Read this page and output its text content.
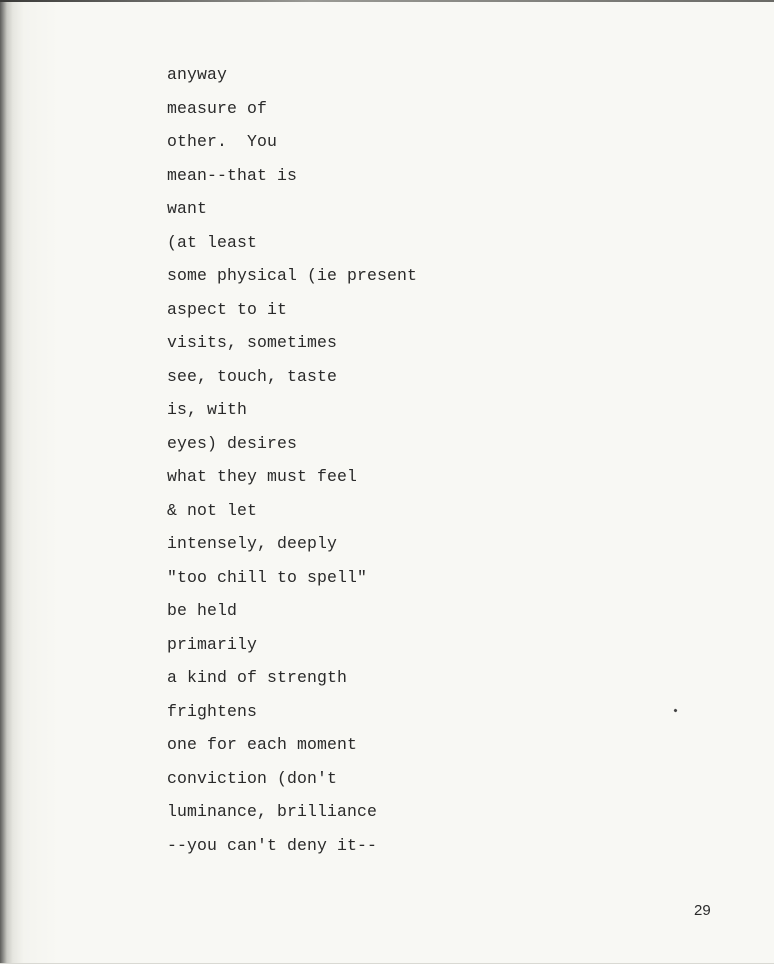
anyway
measure of
other.  You
mean--that is
want
(at least
some physical (ie present
aspect to it
visits, sometimes
see, touch, taste
is, with
eyes) desires
what they must feel
& not let
intensely, deeply
"too chill to spell"
be held
primarily
a kind of strength
frightens
one for each moment
conviction (don't
luminance, brilliance
--you can't deny it--
29
